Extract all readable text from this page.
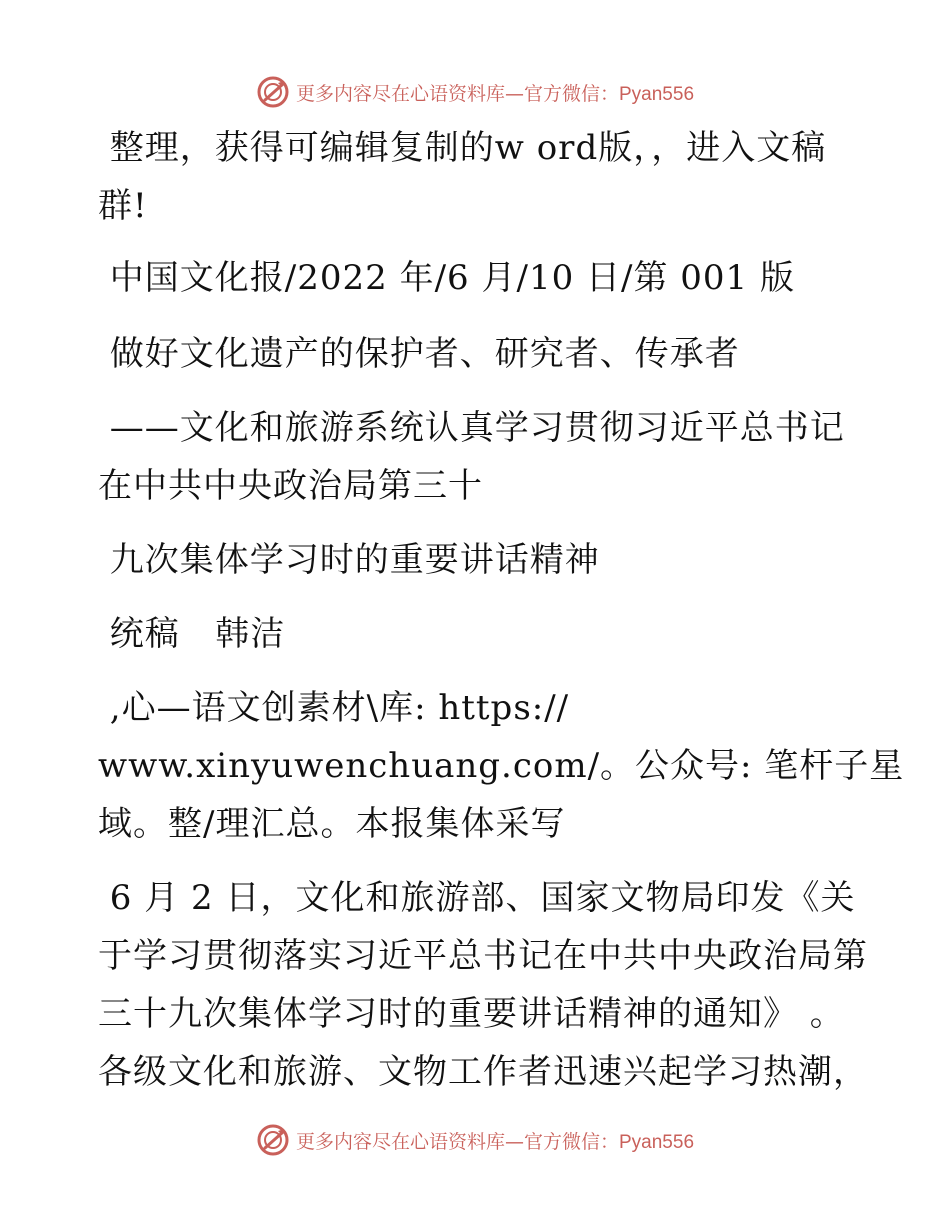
更多内容尽在心语资料库—官方微信：Pyan556
整理，获得可编辑复制的w ord版，，进入文稿
群!
中国文化报/2022 年/6 月/10 日/第 001 版
做好文化遗产的保护者、研究者、传承者
——文化和旅游系统认真学习贯彻习近平总书记
在中共中央政治局第三十
九次集体学习时的重要讲话精神
统稿   韩洁
,心—语文创素材\库: https://
www.xinyuwenchuang.com/。公众号: 笔杆子星
域。整/理汇总。本报集体采写
6 月 2 日，文化和旅游部、国家文物局印发《关
于学习贯彻落实习近平总书记在中共中央政治局第
三十九次集体学习时的重要讲话精神的通知》 。
各级文化和旅游、文物工作者迅速兴起学习热潮，
更多内容尽在心语资料库—官方微信：Pyan556
